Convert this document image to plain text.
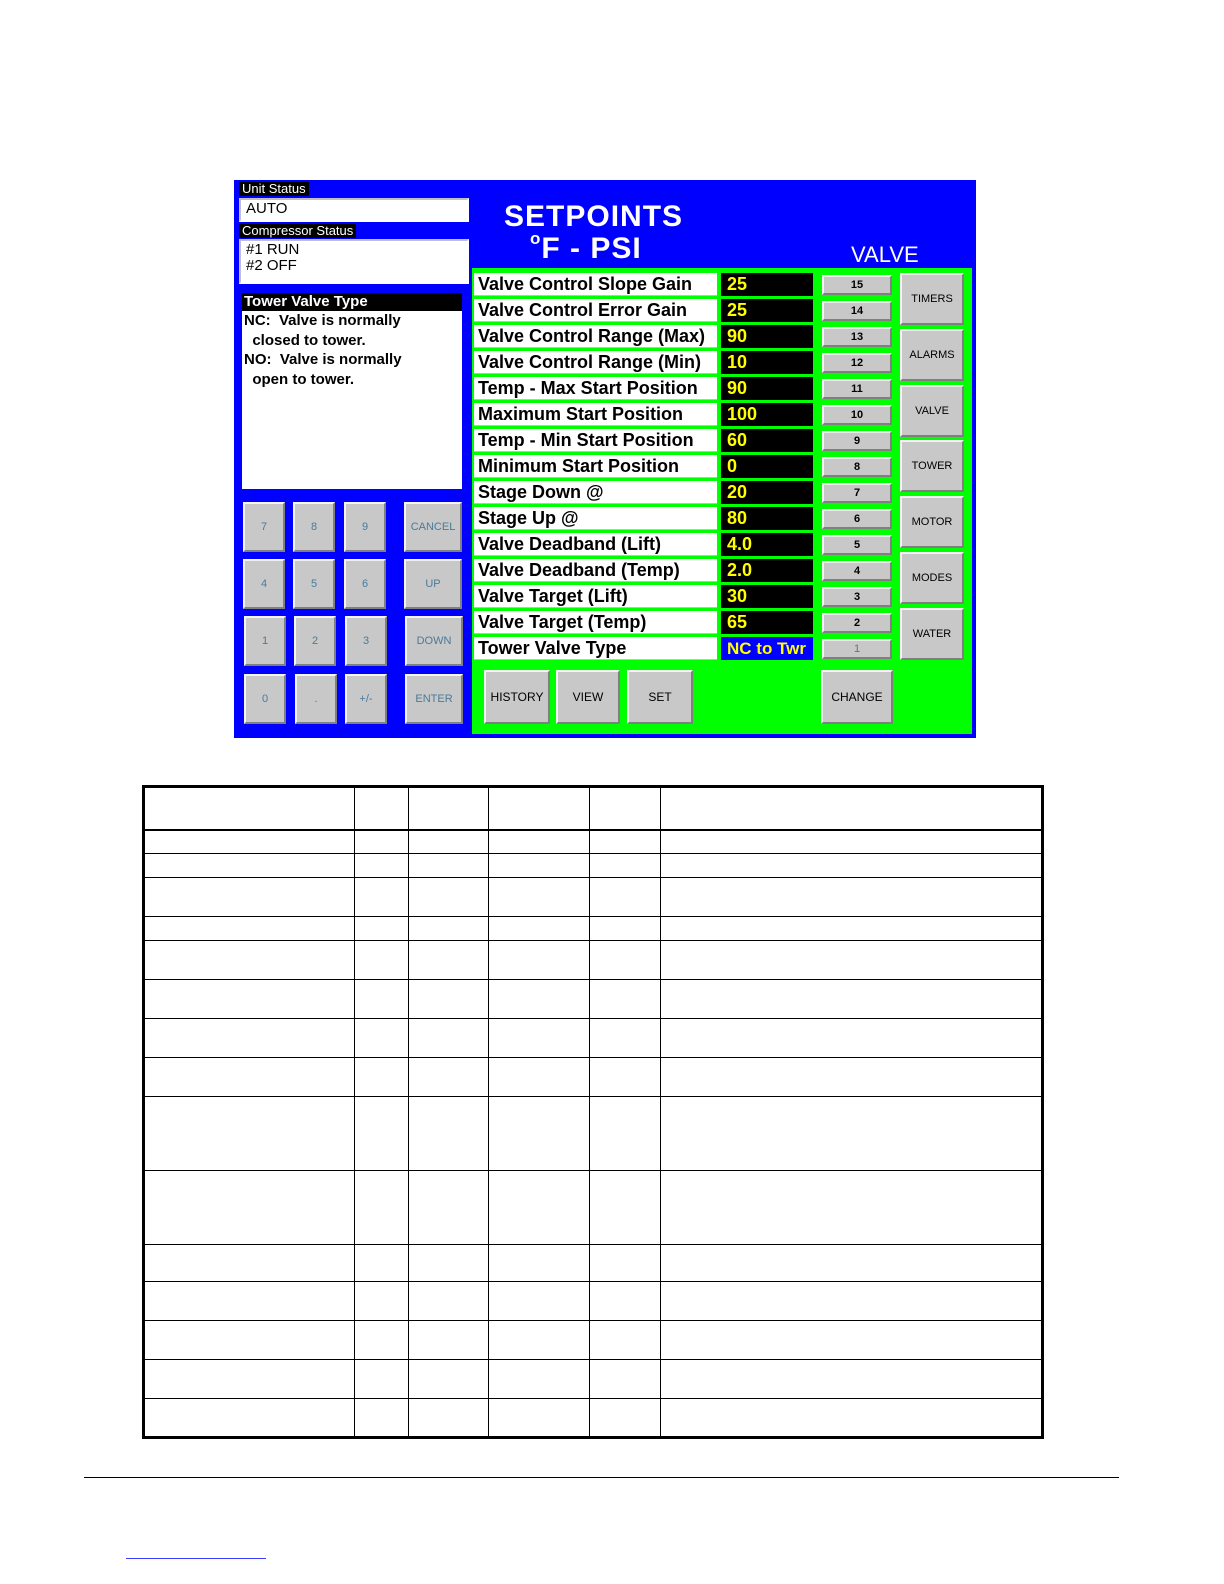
Unit Status
AUTO
Compressor Status
#1 RUN
#2 OFF
Tower Valve Type
NC:  Valve is normally
closed to tower.
NO:  Valve is normally
open to tower.
SETPOINTS
$^o$F - PSI	VALVE
7	8	9
4	5	6
1	2	3
0	.	+/-
CANCEL
UP
DOWN
ENTER
TIMERS
ALARMS
VALVE
TOWER
MOTOR
MODES
WATER
HISTORY	VIEW	SET	CHANGE
Valve Control Slope Gain	25	15
Valve Control Error Gain	25	14
Valve Control Range (Max)	90	13
Valve Control Range (Min)	10	12
Temp - Max Start Position	90	11
Maximum Start Position	100	10
Temp - Min Start Position	60	9
Minimum Start Position	0	8
Stage Down @	20	7
Stage Up @	80	6
Valve Deadband (Lift)	4.0	5
Valve Deadband (Temp)	2.0	4
Valve Target (Lift)	30	3
Valve Target (Temp)	65	2
Tower Valve Type	NC to Twr	1
